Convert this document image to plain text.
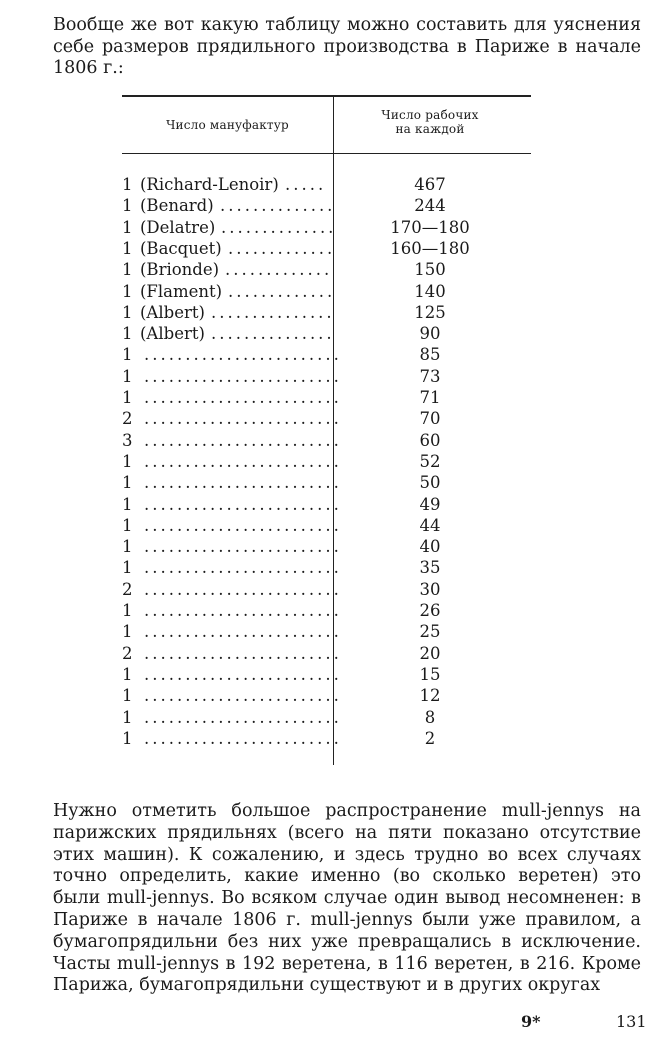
Вообще же вот какую таблицу можно составить для уяснения себе размеров прядильного производства в Париже в начале 1806 г.:

Число мануфактур
Число рабочих на каждой
1 (Richard-Lenoir) .....	467
1 (Benard) ..............	244
1 (Delatre) ..............	170—180
1 (Bacquet) .............	160—180
1 (Brionde) .............	150
1 (Flament) .............	140
1 (Albert) ...............	125
1 (Albert) ...............	90
1 ........................	85
1 ........................	73
1 ........................	71
2 ........................	70
3 ........................	60
1 ........................	52
1 ........................	50
1 ........................	49
1 ........................	44
1 ........................	40
1 ........................	35
2 ........................	30
1 ........................	26
1 ........................	25
2 ........................	20
1 ........................	15
1 ........................	12
1 ........................	8
1 ........................	2

Нужно отметить большое распространение mull-jennys на парижских прядильнях (всего на пяти показано отсутствие этих машин). К сожалению, и здесь трудно во всех случаях точно определить, какие именно (во сколько веретен) это были mull-jennys. Во всяком случае один вывод несомненен: в Париже в начале 1806 г. mull-jennys были уже правилом, а бумагопрядильни без них уже превращались в исключение. Часты mull-jennys в 192 веретена, в 116 веретен, в 216. Кроме Парижа, бумагопрядильни существуют и в других округах

9*	131
